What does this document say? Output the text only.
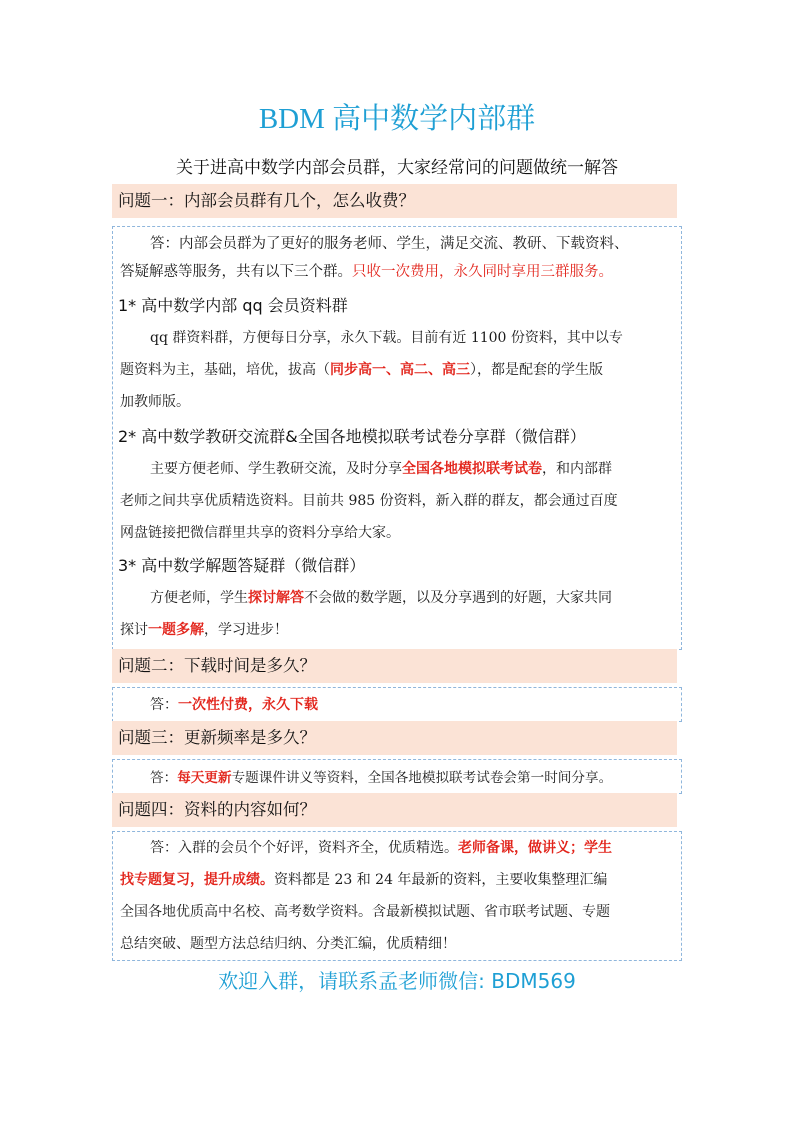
BDM 高中数学内部群
关于进高中数学内部会员群，大家经常问的问题做统一解答
问题一：内部会员群有几个，怎么收费？
答：内部会员群为了更好的服务老师、学生，满足交流、教研、下载资料、
答疑解惑等服务，共有以下三个群。只收一次费用，永久同时享用三群服务。
1* 高中数学内部 qq 会员资料群
qq 群资料群，方便每日分享，永久下载。目前有近 1100 份资料，其中以专
题资料为主，基础，培优，拔高（同步高一、高二、高三），都是配套的学生版
加教师版。
2* 高中数学教研交流群&全国各地模拟联考试卷分享群（微信群）
主要方便老师、学生教研交流，及时分享全国各地模拟联考试卷，和内部群
老师之间共享优质精选资料。目前共 985 份资料，新入群的群友，都会通过百度
网盘链接把微信群里共享的资料分享给大家。
3* 高中数学解题答疑群（微信群）
方便老师，学生探讨解答不会做的数学题，以及分享遇到的好题，大家共同
探讨一题多解，学习进步！
问题二：下载时间是多久？
答：一次性付费，永久下载
问题三：更新频率是多久？
答：每天更新专题课件讲义等资料，全国各地模拟联考试卷会第一时间分享。
问题四：资料的内容如何？
答：入群的会员个个好评，资料齐全，优质精选。老师备课，做讲义；学生
找专题复习，提升成绩。资料都是 23 和 24 年最新的资料，主要收集整理汇编
全国各地优质高中名校、高考数学资料。含最新模拟试题、省市联考试题、专题
总结突破、题型方法总结归纳、分类汇编，优质精细！
欢迎入群，请联系孟老师微信: BDM569
